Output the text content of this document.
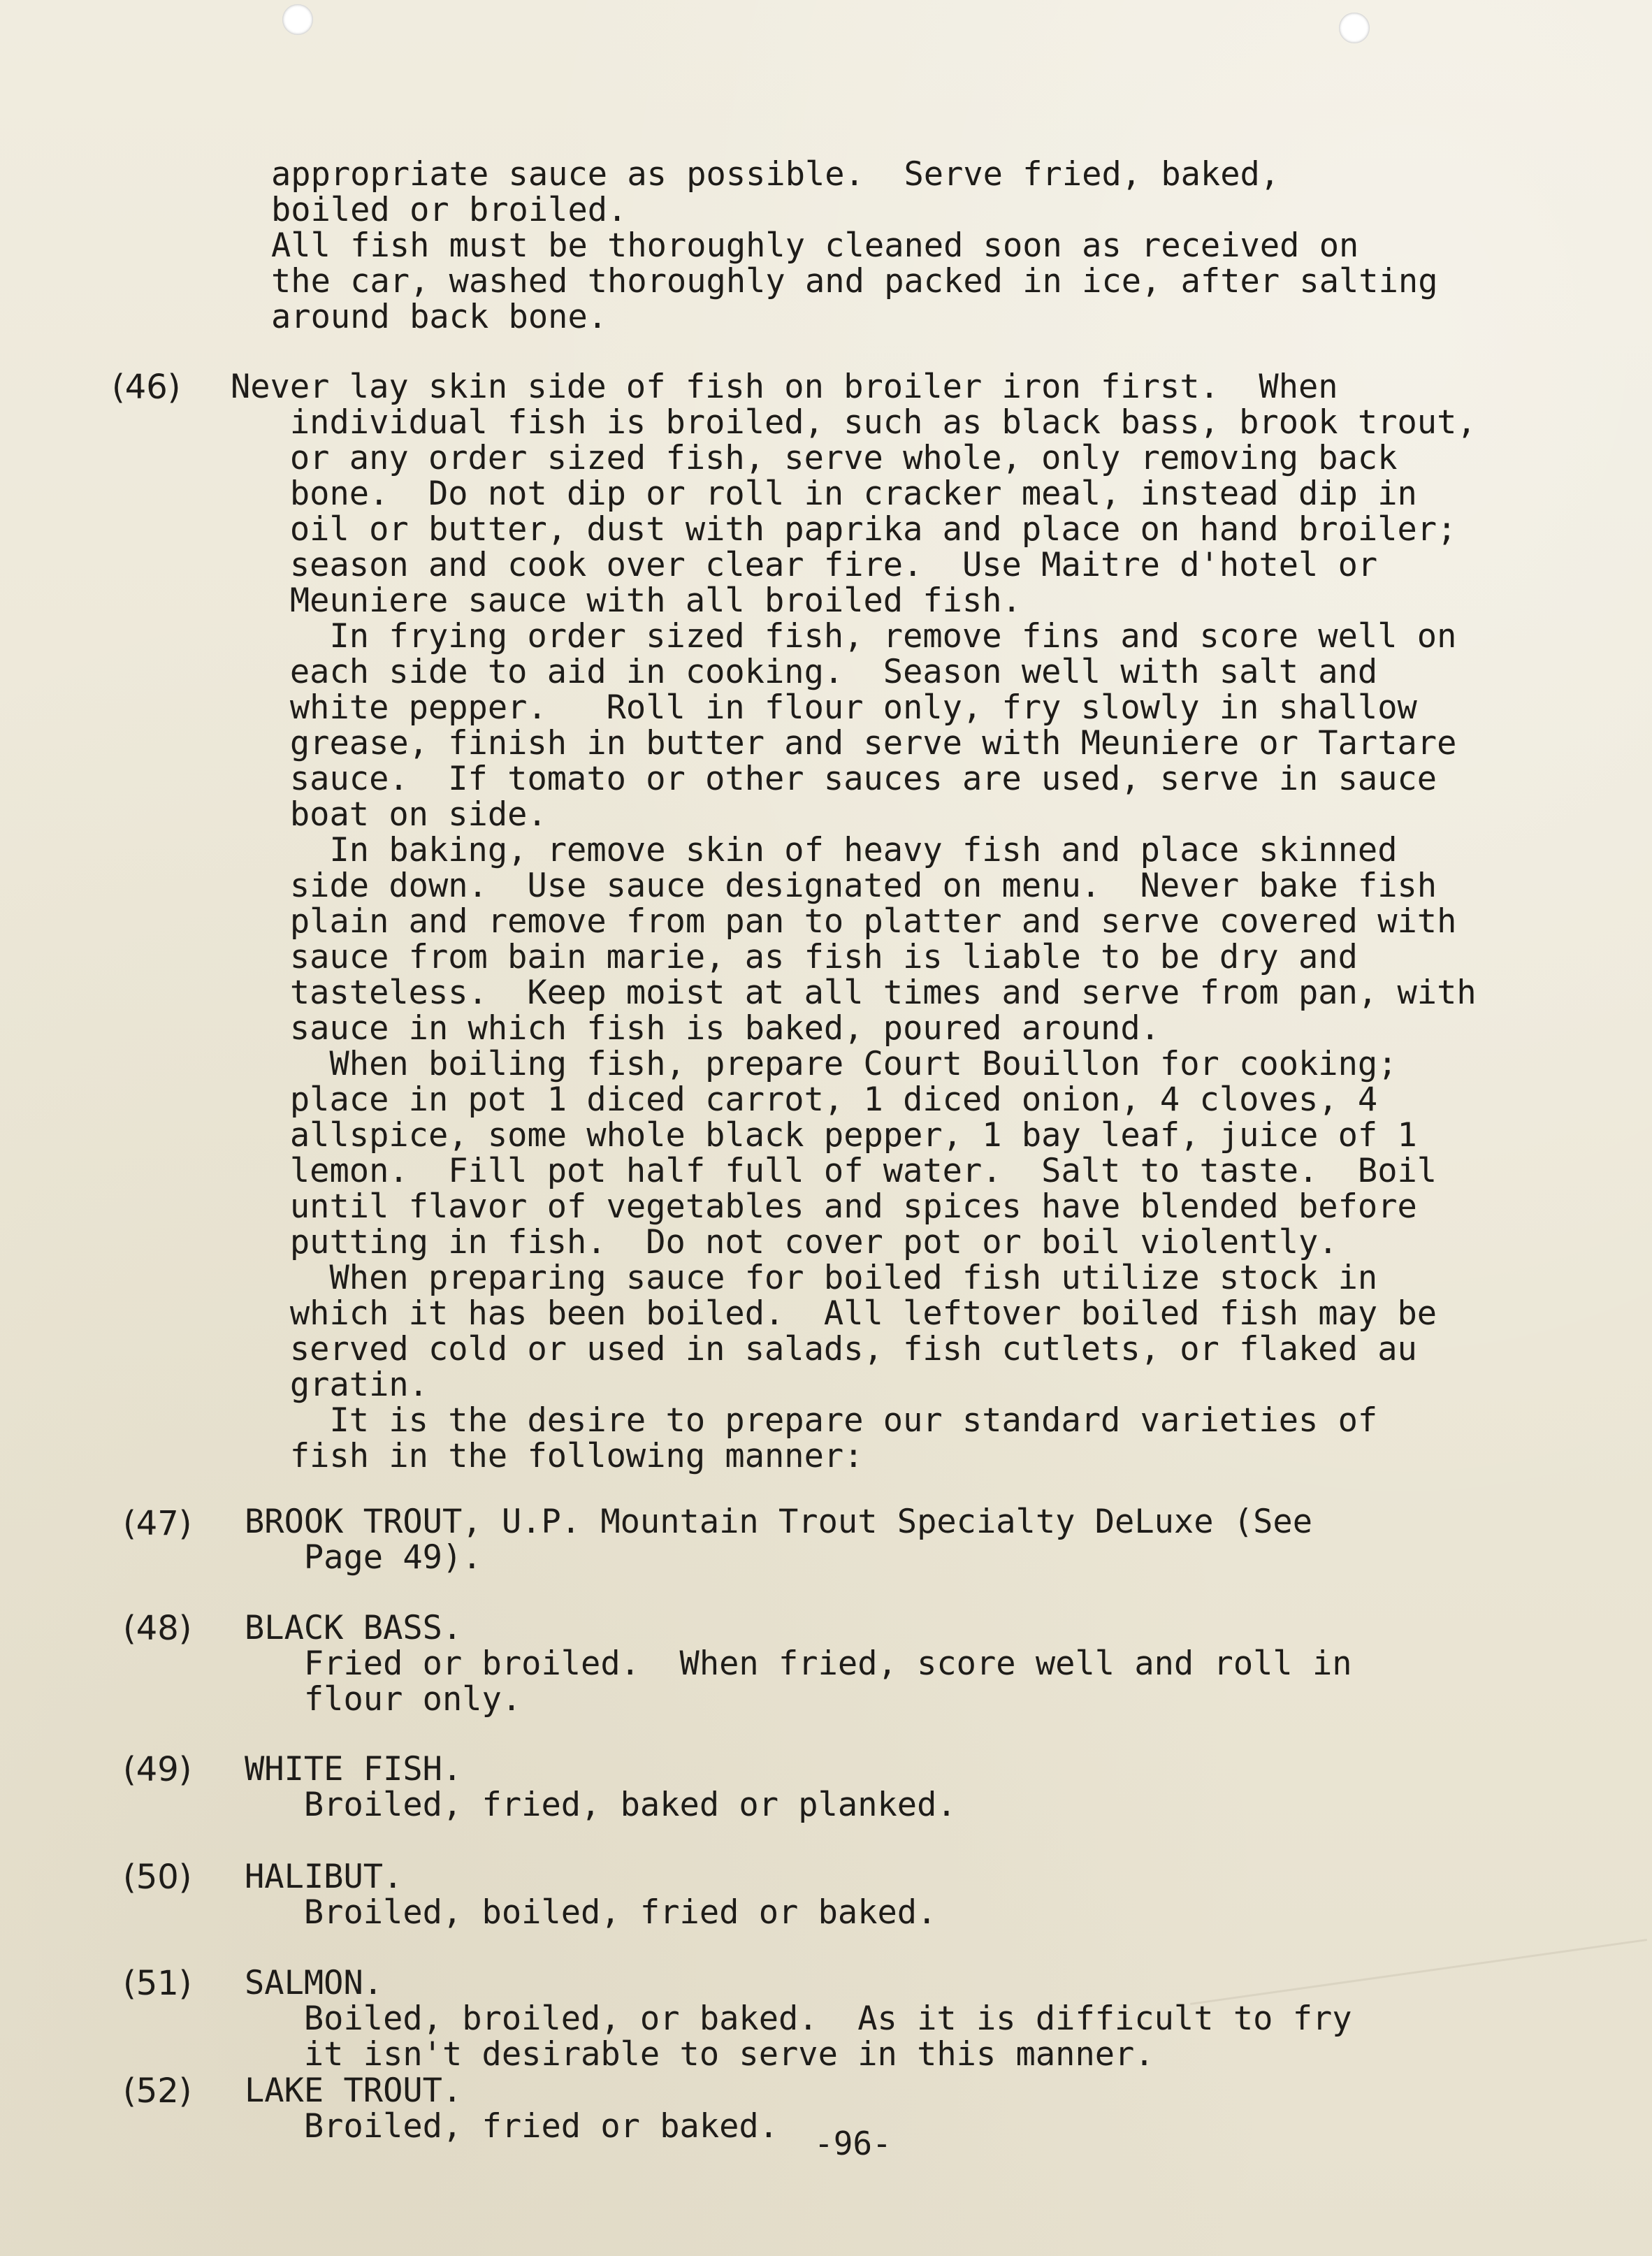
appropriate sauce as possible.  Serve fried, baked,
boiled or broiled.
All fish must be thoroughly cleaned soon as received on
the car, washed thoroughly and packed in ice, after salting
around back bone.
(46) Never lay skin side of fish on broiler iron first.  When
individual fish is broiled, such as black bass, brook trout,
or any order sized fish, serve whole, only removing back
bone.  Do not dip or roll in cracker meal, instead dip in
oil or butter, dust with paprika and place on hand broiler;
season and cook over clear fire.  Use Maitre d'hotel or
Meuniere sauce with all broiled fish.
In frying order sized fish, remove fins and score well on
each side to aid in cooking.  Season well with salt and
white pepper.   Roll in flour only, fry slowly in shallow
grease, finish in butter and serve with Meuniere or Tartare
sauce.  If tomato or other sauces are used, serve in sauce
boat on side.
In baking, remove skin of heavy fish and place skinned
side down.  Use sauce designated on menu.  Never bake fish
plain and remove from pan to platter and serve covered with
sauce from bain marie, as fish is liable to be dry and
tasteless.  Keep moist at all times and serve from pan, with
sauce in which fish is baked, poured around.
When boiling fish, prepare Court Bouillon for cooking;
place in pot 1 diced carrot, 1 diced onion, 4 cloves, 4
allspice, some whole black pepper, 1 bay leaf, juice of 1
lemon.  Fill pot half full of water.  Salt to taste.  Boil
until flavor of vegetables and spices have blended before
putting in fish.  Do not cover pot or boil violently.
When preparing sauce for boiled fish utilize stock in
which it has been boiled.  All leftover boiled fish may be
served cold or used in salads, fish cutlets, or flaked au
gratin.
It is the desire to prepare our standard varieties of
fish in the following manner:
(47) BROOK TROUT, U.P. Mountain Trout Specialty DeLuxe (See
Page 49).
(48) BLACK BASS.
Fried or broiled.  When fried, score well and roll in
flour only.
(49) WHITE FISH.
Broiled, fried, baked or planked.
(50) HALIBUT.
Broiled, boiled, fried or baked.
(51) SALMON.
Boiled, broiled, or baked.  As it is difficult to fry
it isn't desirable to serve in this manner.
(52) LAKE TROUT.
Broiled, fried or baked. -96-
